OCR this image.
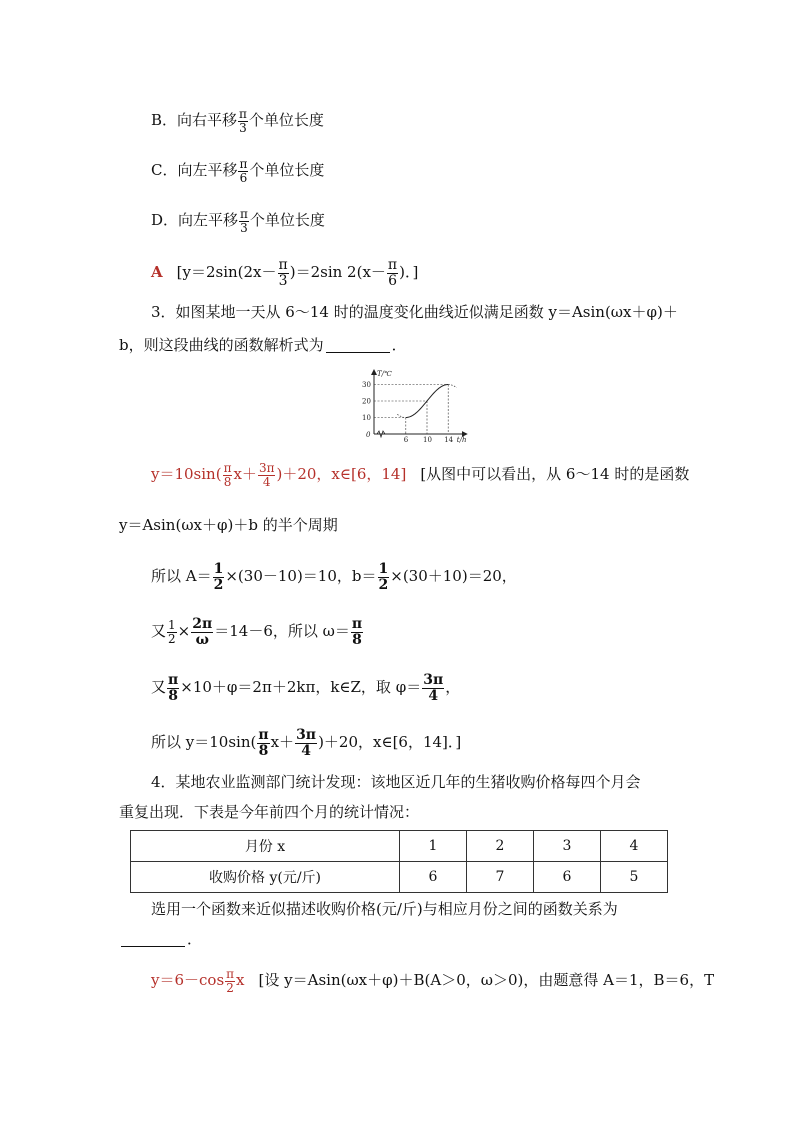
B．向右平移 $\frac{\pi}{3}$ 个单位长度
C．向左平移 $\frac{\pi}{6}$ 个单位长度
D．向左平移 $\frac{\pi}{3}$ 个单位长度
A [$y=2\sin(2x- \frac{\pi}{3} )=2\sin$ $2(x- \frac{\pi}{6}$ )．]
3．如图某地一天从 6～14 时的温度变化曲线近似满足函数 y＝Asin(ωx＋φ)＋
b，则这段曲线的函数解析式为	．
T/℃
t/h
0
10
20
30
6 10 14
$y=10\sin( \frac{\pi}{8} x+ \frac{3\pi}{4} )+20$，x∈[6，14] [从图中可以看出，从 6～14 时的是函数
y＝Asin(ωx＋φ)＋b 的半个周期
所以 $A= \frac{1}{2} \times(30-10)=10$，$b= \frac{1}{2} \times(30+10)=20$，
又 $\frac{1}{2} \times \frac{2\pi}{\omega} =14-6$，所以 $\omega= \frac{\pi}{8}$
又 $\frac{\pi}{8} \times 10+\varphi=2\pi+2k\pi$，k∈Z，取 $\varphi= \frac{3\pi}{4}$ ，
所以 $y=10\sin( \frac{\pi}{8} x+ \frac{3\pi}{4} )+20$，x∈[6，14]．]
4．某地农业监测部门统计发现：该地区近几年的生猪收购价格每四个月会
重复出现．下表是今年前四个月的统计情况：
月份 x	1	2	3	4
收购价格 y(元/斤)	6	7	6	5
选用一个函数来近似描述收购价格(元/斤)与相应月份之间的函数关系为
．
$y=6-\cos \frac{\pi}{2}$ x [设 y＝Asin(ωx＋φ)＋B(A＞0，ω＞0)，由题意得 A＝1，B＝6，T
